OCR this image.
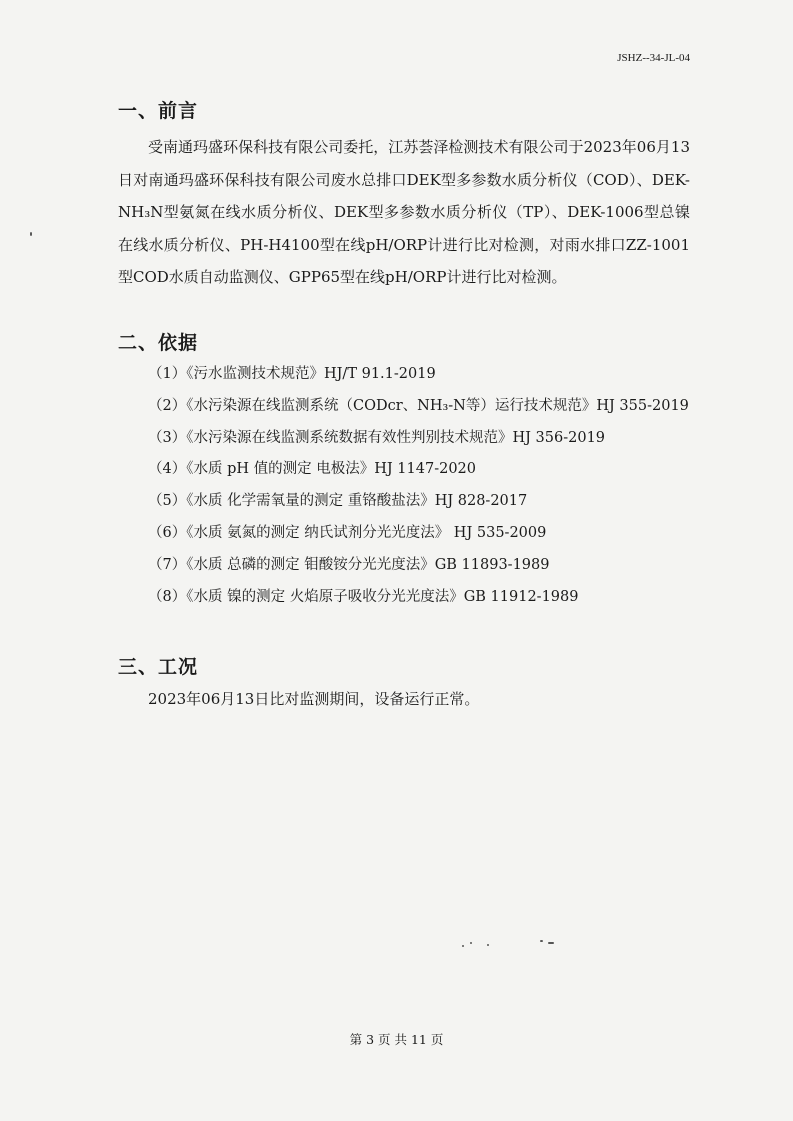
JSHZ--34-JL-04
一、前言

受南通玛盛环保科技有限公司委托，江苏荟泽检测技术有限公司于2023年06月13日对南通玛盛环保科技有限公司废水总排口DEK型多参数水质分析仪（COD）、DEK-NH₃N型氨氮在线水质分析仪、DEK型多参数水质分析仪（TP）、DEK-1006型总镍在线水质分析仪、PH-H4100型在线pH/ORP计进行比对检测，对雨水排口ZZ-1001型COD水质自动监测仪、GPP65型在线pH/ORP计进行比对检测。

二、依据
（1）《污水监测技术规范》HJ/T 91.1-2019
（2）《水污染源在线监测系统（CODcr、NH₃-N等）运行技术规范》HJ 355-2019
（3）《水污染源在线监测系统数据有效性判别技术规范》HJ 356-2019
（4）《水质 pH 值的测定 电极法》HJ 1147-2020
（5）《水质 化学需氧量的测定 重铬酸盐法》HJ 828-2017
（6）《水质 氨氮的测定 纳氏试剂分光光度法》 HJ 535-2009
（7）《水质 总磷的测定 钼酸铵分光光度法》GB 11893-1989
（8）《水质 镍的测定 火焰原子吸收分光光度法》GB 11912-1989
三、工况

2023年06月13日比对监测期间，设备运行正常。

第 3 页 共 11 页
